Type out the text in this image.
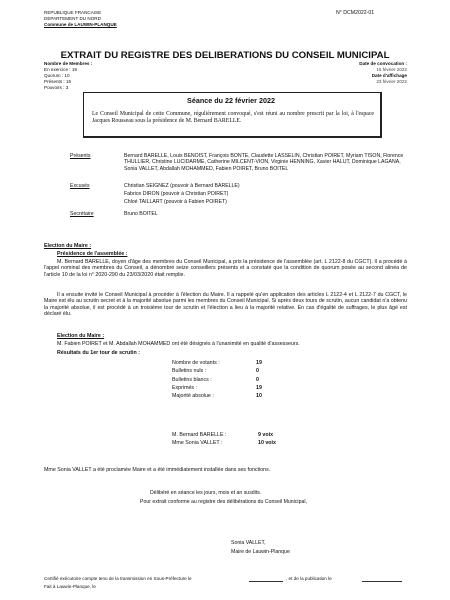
REPUBLIQUE FRANCAISE
DEPARTEMENT DU NORD
Commune de LAUWIN-PLANQUE
N° DCM2022-01
EXTRAIT DU REGISTRE DES DELIBERATIONS DU CONSEIL MUNICIPAL
Nombre de Membres :
En exercice : 19
Quorum : 10
Présents : 16
Pouvoirs : 3
Date de convocation :
15 février 2022
Date d'affichage
23 février 2022
Séance du 22 février 2022
Le Conseil Municipal de cette Commune, régulièrement convoqué, s'est réuni au nombre prescrit par la loi, à l'espace Jacques Rousseau sous la présidence de M. Bernard BARELLE.
Présents	Bernard BARELLE, Louis BENOIST, François BONTE, Claudette LASSELIN, Christian POIRET, Myriam TISON, Florence THULLIER, Christine LUCIDARME, Catherine MILCENT-VION, Virginie HENNING, Xavier HALUT, Dominique LAGANA, Sonia VALLET, Abdallah MOHAMMED, Fabien POIRET, Bruno BOITEL
Excusés	Christian SEIGNEZ (pouvoir à Bernard BARELLE)
Fabrice DIRON (pouvoir à Christian POIRET)
Chloé TAILLART (pouvoir à Fabien POIRET)
Secrétaire	Bruno BOITEL
Election du Maire :
Présidence de l'assemblée :
M. Bernard BARELLE, doyen d'âge des membres du Conseil Municipal, a pris la présidence de l'assemblée (art. L 2122-8 du CGCT). Il a procédé à l'appel nominal des membres du Conseil, a dénombré seize conseillers présents et a constaté que la condition de quorum posée au second alinéa de l'article 10 de la loi n° 2020-290 du 23/03/2020 était remplie.
Il a ensuite invité le Conseil Municipal à procéder à l'élection du Maire. Il a rappelé qu'en application des articles L 2122-4 et L 2122-7 du CGCT, le Maire est élu au scrutin secret et à la majorité absolue parmi les membres du Conseil Municipal. Si après deux tours de scrutin, aucun candidat n'a obtenu la majorité absolue, il est procédé à un troisième tour de scrutin et l'élection a lieu à la majorité relative. En cas d'égalité de suffrages, le plus âgé est déclaré élu.
Election du Maire :
M. Fabien POIRET et M. Abdallah MOHAMMED ont été désignés à l'unanimité en qualité d'assesseurs.
Résultats du 1er tour de scrutin :
Nombre de votants :	19
Bulletins nuls :	0
Bulletins blancs :	0
Exprimés :	19
Majorité absolue :	10
M. Bernard BARELLE :	9 voix
Mme Sonia VALLET :	10 voix
Mme Sonia VALLET a été proclamée Maire et a été immédiatement installée dans ses fonctions.
Délibéré en séance les jours, mois et an susdits.
Pour extrait conforme au registre des délibérations du Conseil Municipal,
Sonia VALLET,
Maire de Lauwin-Planque
Certifié exécutoire compte tenu de la transmission en Sous-Préfecture le	, et de la publication le
Fait à Lauwin-Planque, le
